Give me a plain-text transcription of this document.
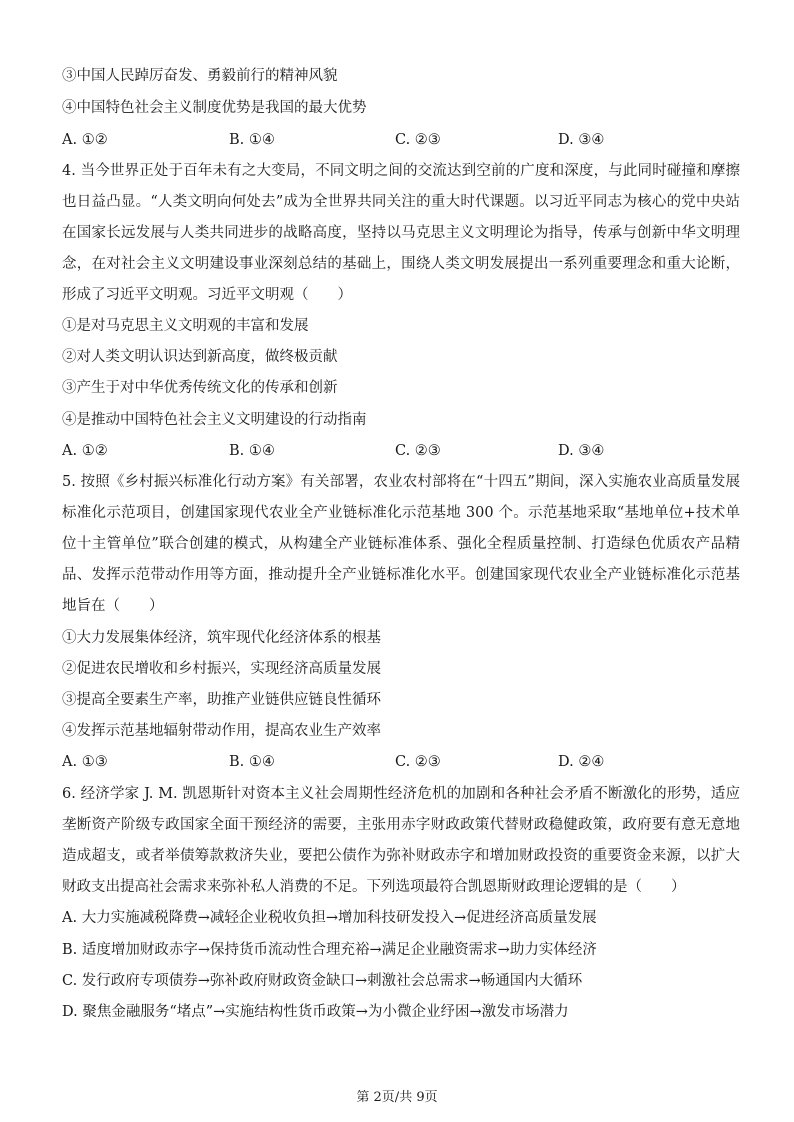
③中国人民踔厉奋发、勇毅前行的精神风貌
④中国特色社会主义制度优势是我国的最大优势
A. ①②	B. ①④	C. ②③	D. ③④
4. 当今世界正处于百年未有之大变局，不同文明之间的交流达到空前的广度和深度，与此同时碰撞和摩擦也日益凸显。“人类文明向何处去”成为全世界共同关注的重大时代课题。以习近平同志为核心的党中央站在国家长远发展与人类共同进步的战略高度，坚持以马克思主义文明理论为指导，传承与创新中华文明理念，在对社会主义文明建设事业深刻总结的基础上，围绕人类文明发展提出一系列重要理念和重大论断，形成了习近平文明观。习近平文明观（　　）
①是对马克思主义文明观的丰富和发展
②对人类文明认识达到新高度，做终极贡献
③产生于对中华优秀传统文化的传承和创新
④是推动中国特色社会主义文明建设的行动指南
A. ①②	B. ①④	C. ②③	D. ③④
5. 按照《乡村振兴标准化行动方案》有关部署，农业农村部将在“十四五”期间，深入实施农业高质量发展标准化示范项目，创建国家现代农业全产业链标准化示范基地 300 个。示范基地采取“基地单位+技术单位十主管单位”联合创建的模式，从构建全产业链标准体系、强化全程质量控制、打造绿色优质农产品精品、发挥示范带动作用等方面，推动提升全产业链标准化水平。创建国家现代农业全产业链标准化示范基地旨在（　　）
①大力发展集体经济，筑牢现代化经济体系的根基
②促进农民增收和乡村振兴，实现经济高质量发展
③提高全要素生产率，助推产业链供应链良性循环
④发挥示范基地辐射带动作用，提高农业生产效率
A. ①③	B. ①④	C. ②③	D. ②④
6. 经济学家 J. M. 凯恩斯针对资本主义社会周期性经济危机的加剧和各种社会矛盾不断激化的形势，适应垄断资产阶级专政国家全面干预经济的需要，主张用赤字财政政策代替财政稳健政策，政府要有意无意地造成超支，或者举债筹款救济失业，要把公债作为弥补财政赤字和增加财政投资的重要资金来源，以扩大财政支出提高社会需求来弥补私人消费的不足。下列选项最符合凯恩斯财政理论逻辑的是（　　）
A. 大力实施减税降费→减轻企业税收负担→增加科技研发投入→促进经济高质量发展
B. 适度增加财政赤字→保持货币流动性合理充裕→满足企业融资需求→助力实体经济
C. 发行政府专项债券→弥补政府财政资金缺口→刺激社会总需求→畅通国内大循环
D. 聚焦金融服务“堵点”→实施结构性货币政策→为小微企业纾困→激发市场潜力
第 2页/共 9页
